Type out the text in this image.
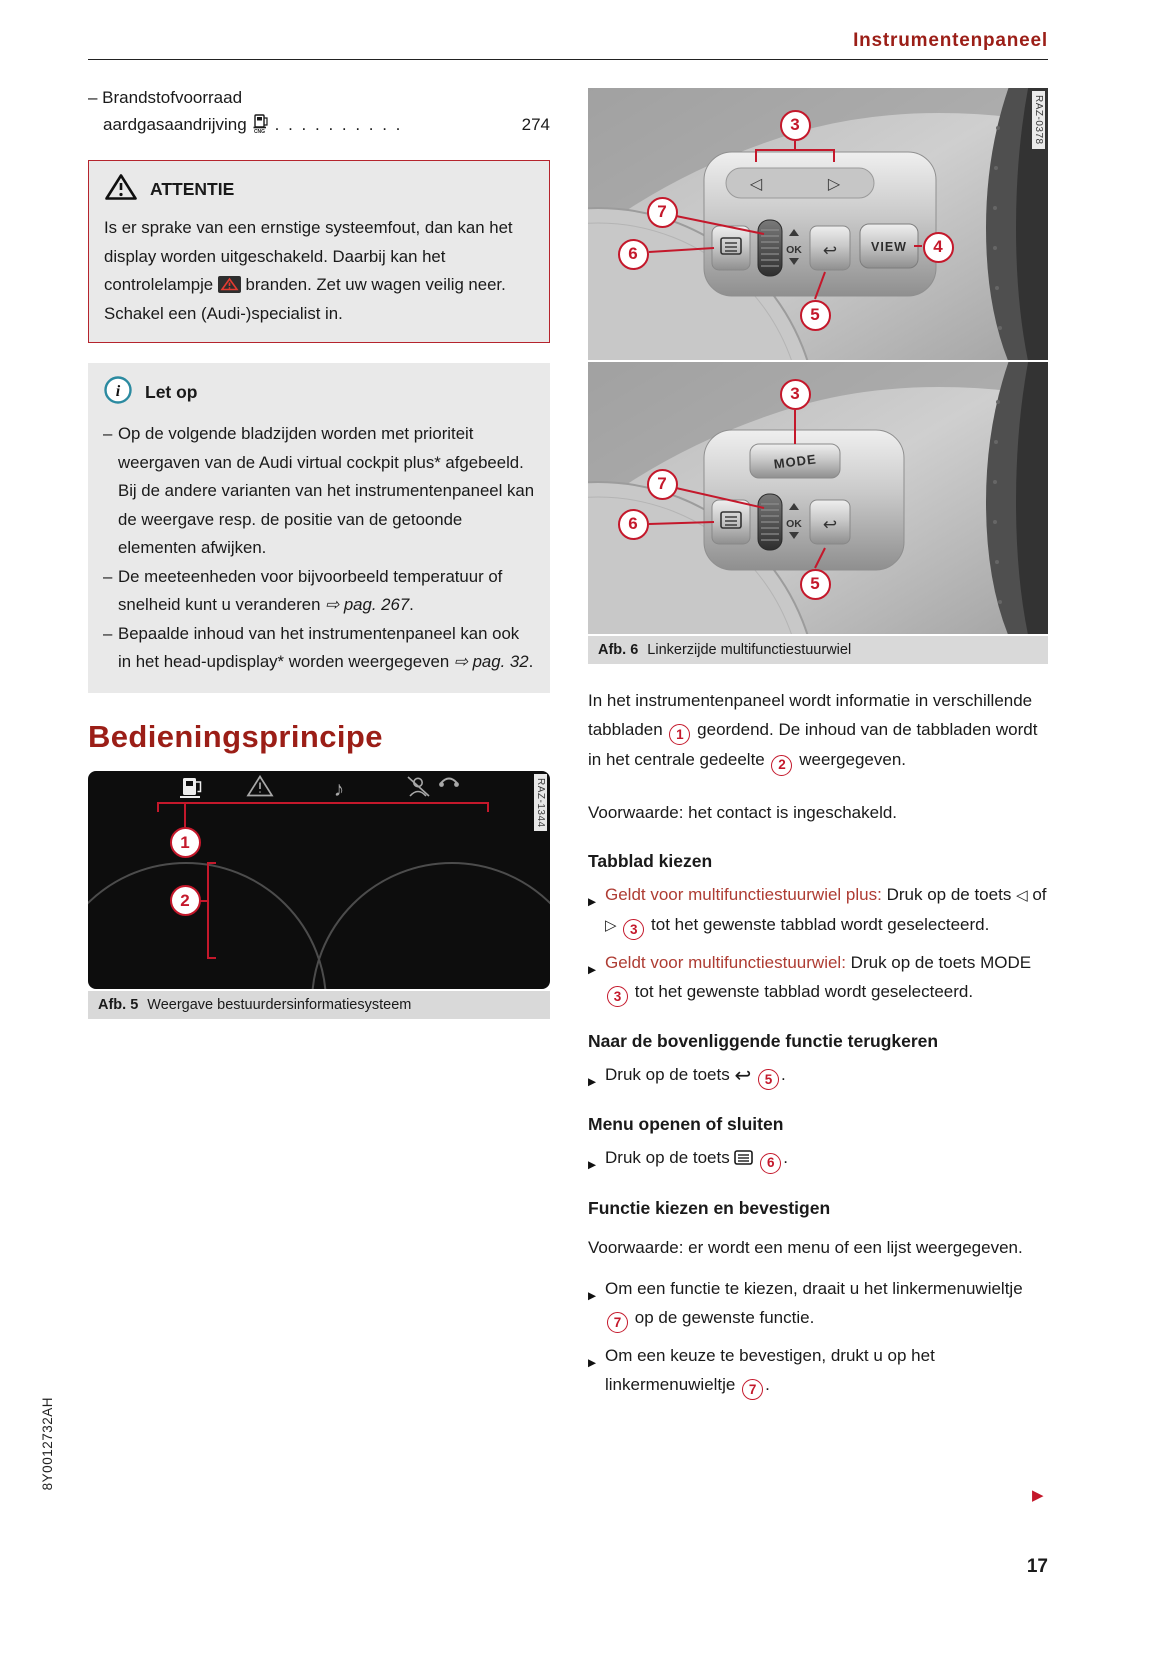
Instrumentenpaneel
– Brandstofvoorraad
aardgasaandrijving CNG . . . . . . . . . .	274
ATTENTIE

Is er sprake van een ernstige systeemfout, dan kan het display worden uitgeschakeld. Daarbij kan het controlelampje branden. Zet uw wagen veilig neer. Schakel een (Audi-)specialist in.

i Let op

– Op de volgende bladzijden worden met prioriteit weergaven van de Audi virtual cockpit plus* afgebeeld. Bij de andere varianten van het instrumentenpaneel kan de weergave resp. de positie van de getoonde elementen afwijken.

– De meeteenheden voor bijvoorbeeld temperatuur of snelheid kunt u veranderen ⇨ pag. 267.

– Bepaalde inhoud van het instrumentenpaneel kan ook in het head-updisplay* worden weergegeven ⇨ pag. 32.

Bedieningsprincipe
♪
1
2
RAZ-1344
Afb. 5 Weergave bestuurdersinformatiesysteem
◁	▷
OK ↩	VIEW
MODE
OK ↩
3
7
6	4
5
3
7
6
5
RAZ-0378
Afb. 6 Linkerzijde multifunctiestuurwiel

In het instrumentenpaneel wordt informatie in verschillende tabbladen 1 geordend. De inhoud van de tabbladen wordt in het centrale gedeelte 2 weergegeven.

Voorwaarde: het contact is ingeschakeld.

Tabblad kiezen
▶ Geldt voor multifunctiestuurwiel plus: Druk op de toets ◁ of ▷ 3 tot het gewenste tabblad wordt geselecteerd.
▶ Geldt voor multifunctiestuurwiel: Druk op de toets MODE 3 tot het gewenste tabblad wordt geselecteerd.
Naar de bovenliggende functie terugkeren
▶ Druk op de toets ↩ 5 .
Menu openen of sluiten
▶ Druk op de toets	6 .
Functie kiezen en bevestigen

Voorwaarde: er wordt een menu of een lijst weergegeven.

▶ Om een functie te kiezen, draait u het linkermenuwieltje 7 op de gewenste functie.
▶ Om een keuze te bevestigen, drukt u op het linkermenuwieltje 7 .
▶
17
8Y0012732AH
